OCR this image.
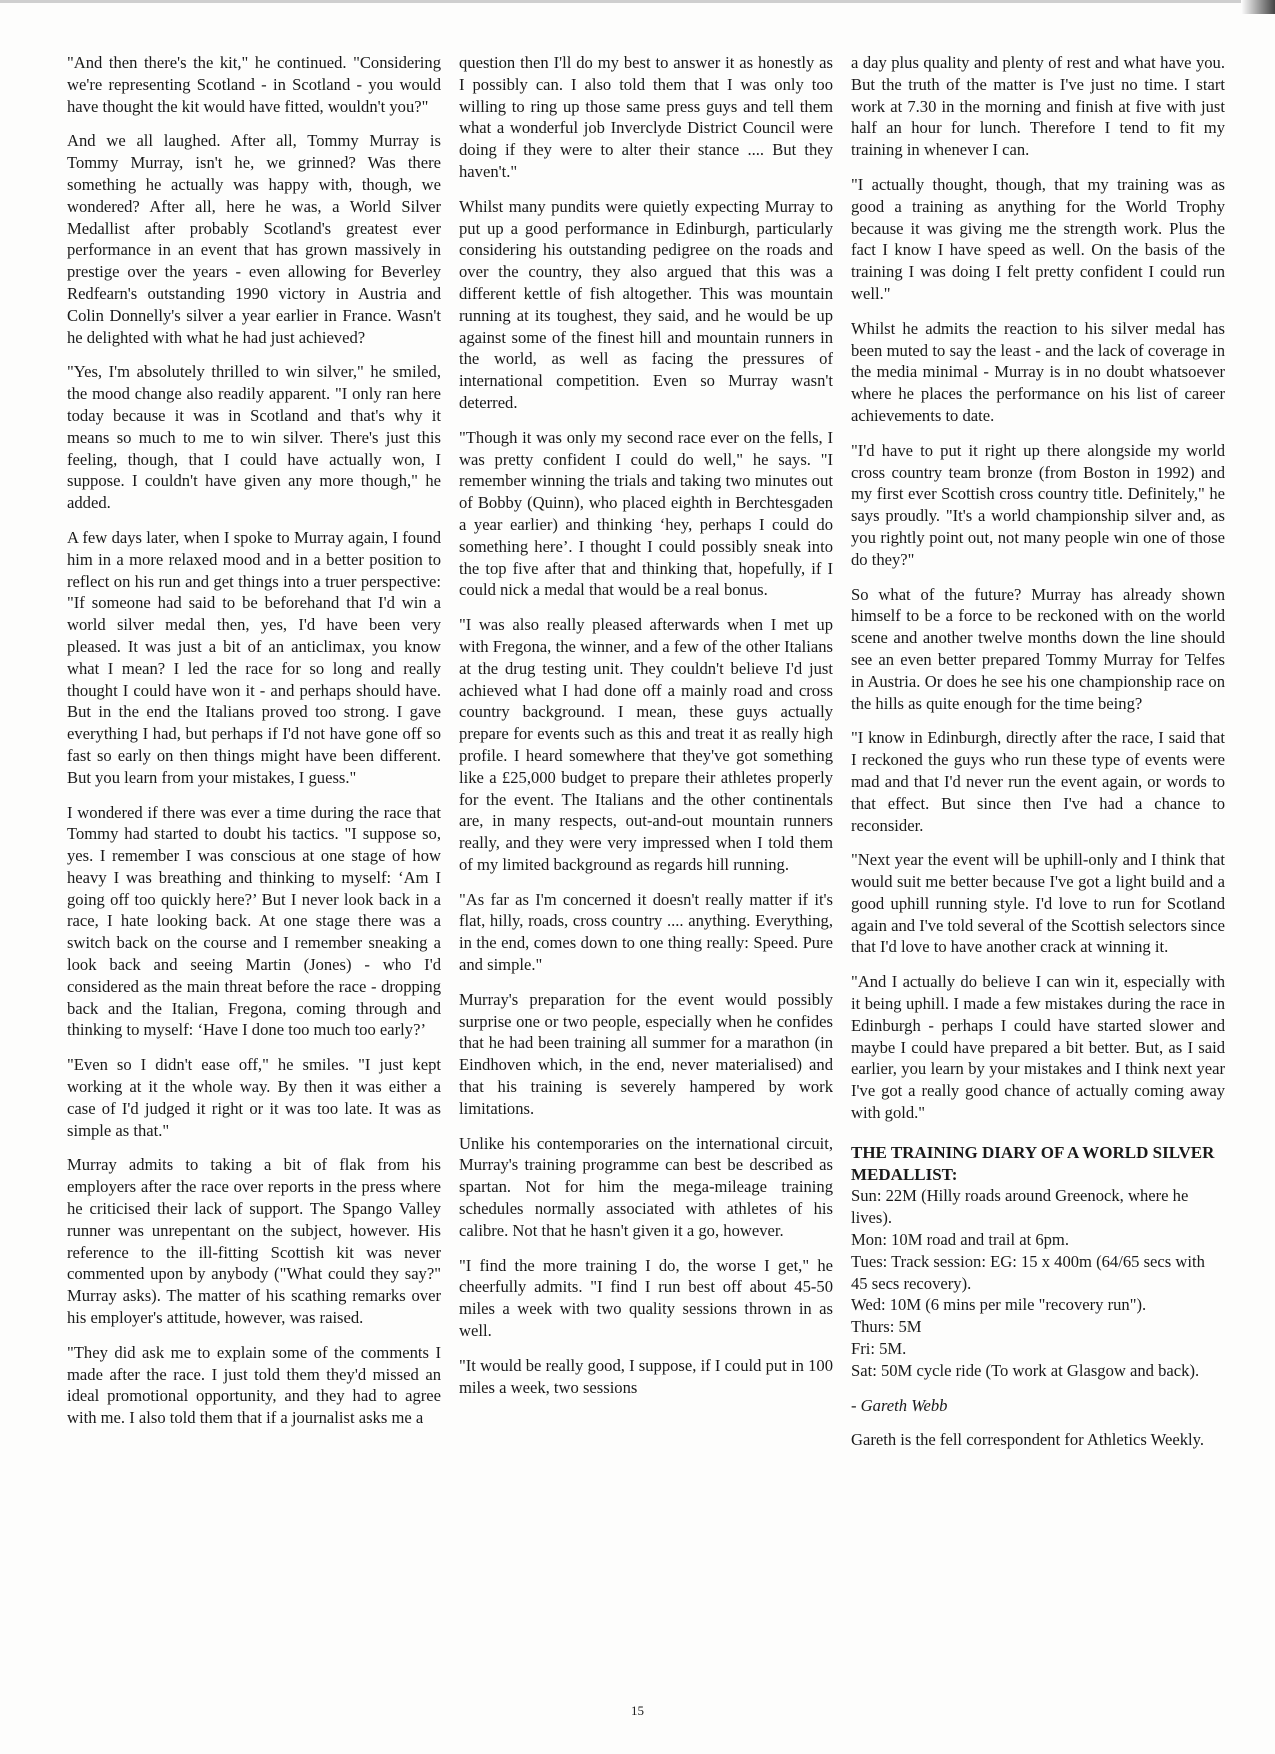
"And then there's the kit," he continued. "Considering we're representing Scotland - in Scotland - you would have thought the kit would have fitted, wouldn't you?"

And we all laughed. After all, Tommy Murray is Tommy Murray, isn't he, we grinned? Was there something he actually was happy with, though, we wondered? After all, here he was, a World Silver Medallist after probably Scotland's greatest ever performance in an event that has grown massively in prestige over the years - even allowing for Beverley Redfearn's outstanding 1990 victory in Austria and Colin Donnelly's silver a year earlier in France. Wasn't he delighted with what he had just achieved?

"Yes, I'm absolutely thrilled to win silver," he smiled, the mood change also readily apparent. "I only ran here today because it was in Scotland and that's why it means so much to me to win silver. There's just this feeling, though, that I could have actually won, I suppose. I couldn't have given any more though," he added.

A few days later, when I spoke to Murray again, I found him in a more relaxed mood and in a better position to reflect on his run and get things into a truer perspective: "If someone had said to be beforehand that I'd win a world silver medal then, yes, I'd have been very pleased. It was just a bit of an anticlimax, you know what I mean? I led the race for so long and really thought I could have won it - and perhaps should have. But in the end the Italians proved too strong. I gave everything I had, but perhaps if I'd not have gone off so fast so early on then things might have been different. But you learn from your mistakes, I guess."

I wondered if there was ever a time during the race that Tommy had started to doubt his tactics. "I suppose so, yes. I remember I was conscious at one stage of how heavy I was breathing and thinking to myself: ‘Am I going off too quickly here?’ But I never look back in a race, I hate looking back. At one stage there was a switch back on the course and I remember sneaking a look back and seeing Martin (Jones) - who I'd considered as the main threat before the race - dropping back and the Italian, Fregona, coming through and thinking to myself: ‘Have I done too much too early?’

"Even so I didn't ease off," he smiles. "I just kept working at it the whole way. By then it was either a case of I'd judged it right or it was too late. It was as simple as that."

Murray admits to taking a bit of flak from his employers after the race over reports in the press where he criticised their lack of support. The Spango Valley runner was unrepentant on the subject, however. His reference to the ill-fitting Scottish kit was never commented upon by anybody ("What could they say?" Murray asks). The matter of his scathing remarks over his employer's attitude, however, was raised.

"They did ask me to explain some of the comments I made after the race. I just told them they'd missed an ideal promotional opportunity, and they had to agree with me. I also told them that if a journalist asks me a

question then I'll do my best to answer it as honestly as I possibly can. I also told them that I was only too willing to ring up those same press guys and tell them what a wonderful job Inverclyde District Council were doing if they were to alter their stance .... But they haven't."

Whilst many pundits were quietly expecting Murray to put up a good performance in Edinburgh, particularly considering his outstanding pedigree on the roads and over the country, they also argued that this was a different kettle of fish altogether. This was mountain running at its toughest, they said, and he would be up against some of the finest hill and mountain runners in the world, as well as facing the pressures of international competition. Even so Murray wasn't deterred.

"Though it was only my second race ever on the fells, I was pretty confident I could do well," he says. "I remember winning the trials and taking two minutes out of Bobby (Quinn), who placed eighth in Berchtesgaden a year earlier) and thinking ‘hey, perhaps I could do something here’. I thought I could possibly sneak into the top five after that and thinking that, hopefully, if I could nick a medal that would be a real bonus.

"I was also really pleased afterwards when I met up with Fregona, the winner, and a few of the other Italians at the drug testing unit. They couldn't believe I'd just achieved what I had done off a mainly road and cross country background. I mean, these guys actually prepare for events such as this and treat it as really high profile. I heard somewhere that they've got something like a £25,000 budget to prepare their athletes properly for the event. The Italians and the other continentals are, in many respects, out-and-out mountain runners really, and they were very impressed when I told them of my limited background as regards hill running.

"As far as I'm concerned it doesn't really matter if it's flat, hilly, roads, cross country .... anything. Everything, in the end, comes down to one thing really: Speed. Pure and simple."

Murray's preparation for the event would possibly surprise one or two people, especially when he confides that he had been training all summer for a marathon (in Eindhoven which, in the end, never materialised) and that his training is severely hampered by work limitations.

Unlike his contemporaries on the international circuit, Murray's training programme can best be described as spartan. Not for him the mega-mileage training schedules normally associated with athletes of his calibre. Not that he hasn't given it a go, however.

"I find the more training I do, the worse I get," he cheerfully admits. "I find I run best off about 45-50 miles a week with two quality sessions thrown in as well.

"It would be really good, I suppose, if I could put in 100 miles a week, two sessions

a day plus quality and plenty of rest and what have you. But the truth of the matter is I've just no time. I start work at 7.30 in the morning and finish at five with just half an hour for lunch. Therefore I tend to fit my training in whenever I can.

"I actually thought, though, that my training was as good a training as anything for the World Trophy because it was giving me the strength work. Plus the fact I know I have speed as well. On the basis of the training I was doing I felt pretty confident I could run well."

Whilst he admits the reaction to his silver medal has been muted to say the least - and the lack of coverage in the media minimal - Murray is in no doubt whatsoever where he places the performance on his list of career achievements to date.

"I'd have to put it right up there alongside my world cross country team bronze (from Boston in 1992) and my first ever Scottish cross country title. Definitely," he says proudly. "It's a world championship silver and, as you rightly point out, not many people win one of those do they?"

So what of the future? Murray has already shown himself to be a force to be reckoned with on the world scene and another twelve months down the line should see an even better prepared Tommy Murray for Telfes in Austria. Or does he see his one championship race on the hills as quite enough for the time being?

"I know in Edinburgh, directly after the race, I said that I reckoned the guys who run these type of events were mad and that I'd never run the event again, or words to that effect. But since then I've had a chance to reconsider.

"Next year the event will be uphill-only and I think that would suit me better because I've got a light build and a good uphill running style. I'd love to run for Scotland again and I've told several of the Scottish selectors since that I'd love to have another crack at winning it.

"And I actually do believe I can win it, especially with it being uphill. I made a few mistakes during the race in Edinburgh - perhaps I could have started slower and maybe I could have prepared a bit better. But, as I said earlier, you learn by your mistakes and I think next year I've got a really good chance of actually coming away with gold."

THE TRAINING DIARY OF A WORLD SILVER MEDALLIST:

Sun: 22M (Hilly roads around Greenock, where he lives).

Mon: 10M road and trail at 6pm.

Tues: Track session: EG: 15 x 400m (64/65 secs with 45 secs recovery).

Wed: 10M (6 mins per mile "recovery run").

Thurs: 5M

Fri: 5M.

Sat: 50M cycle ride (To work at Glasgow and back).

- Gareth Webb

Gareth is the fell correspondent for Athletics Weekly.

15
